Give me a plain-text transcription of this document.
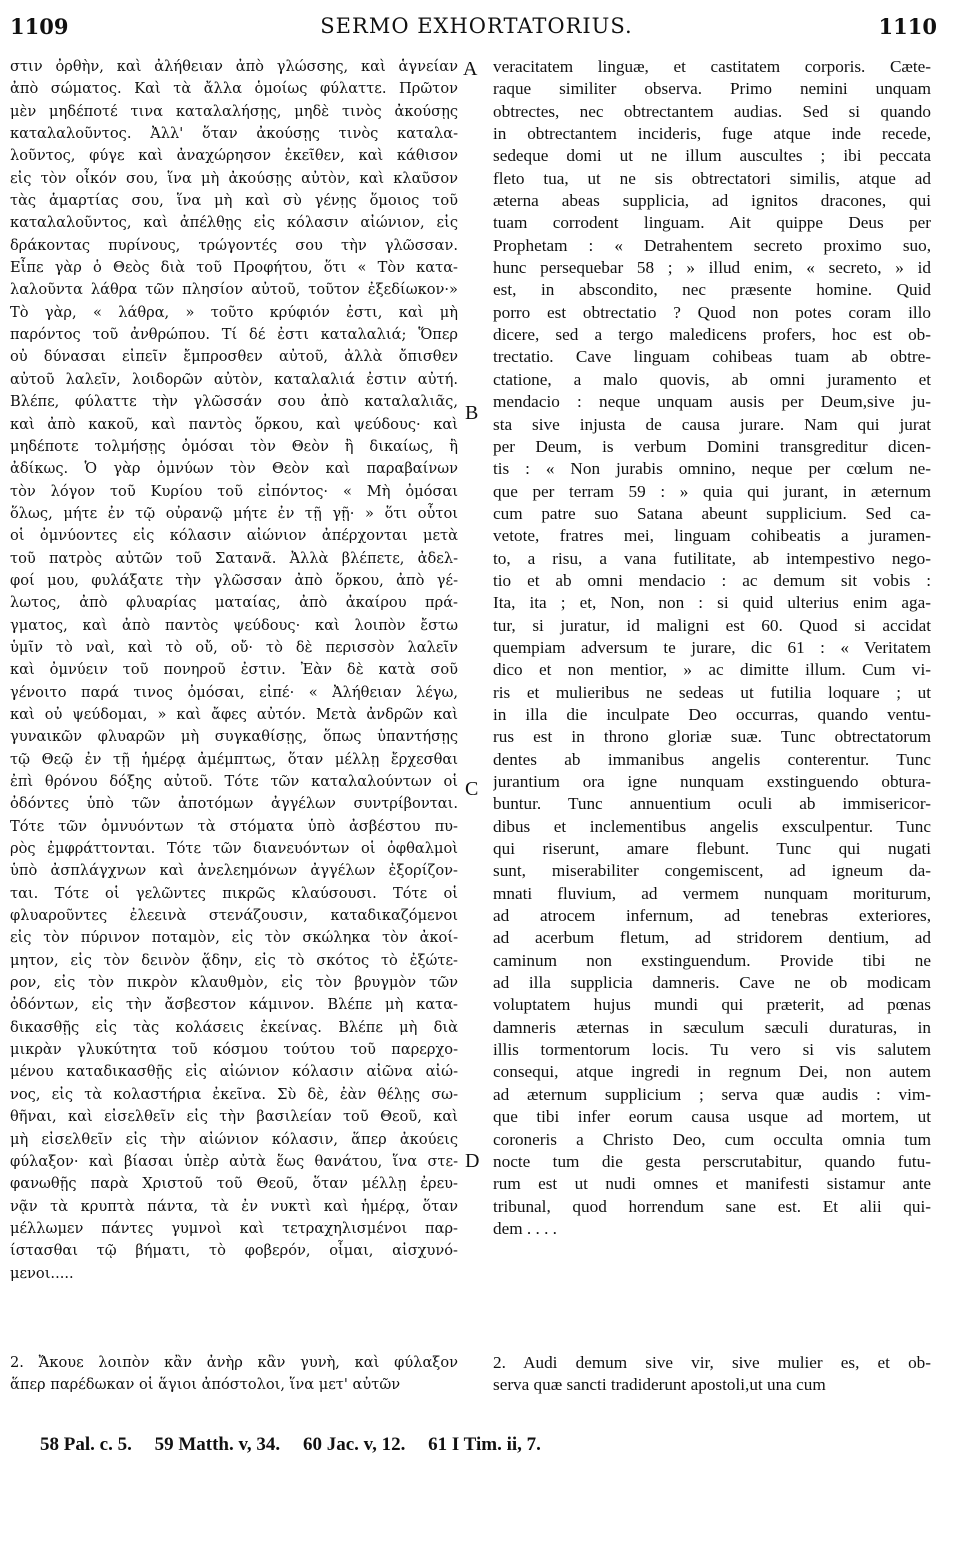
1109	SERMO EXHORTATORIUS.	1110
στιν ὀρθὴν, καὶ ἀλήθειαν ἀπὸ γλώσσης, καὶ ἁγνείαν
ἀπὸ σώματος. Καὶ τὰ ἄλλα ὁμοίως φύλαττε. Πρῶτον
μὲν μηδέποτέ τινα καταλαλήσῃς, μηδὲ τινὸς ἀκούσῃς
καταλαλοῦντος. Ἀλλ' ὅταν ἀκούσῃς τινὸς καταλα-
λοῦντος, φύγε καὶ ἀναχώρησον ἐκεῖθεν, καὶ κάθισον
εἰς τὸν οἶκόν σου, ἵνα μὴ ἀκούσῃς αὐτὸν, καὶ κλαῦσον
τὰς ἁμαρτίας σου, ἵνα μὴ καὶ σὺ γένῃς ὅμοιος τοῦ
καταλαλοῦντος, καὶ ἀπέλθῃς εἰς κόλασιν αἰώνιον, εἰς
δράκοντας πυρίνους, τρώγοντές σου τὴν γλῶσσαν.
Εἶπε γὰρ ὁ Θεὸς διὰ τοῦ Προφήτου, ὅτι « Τὸν κατα-
λαλοῦντα λάθρα τῶν πλησίον αὐτοῦ, τοῦτον ἐξεδίωκον·»
Τὸ γὰρ, « λάθρα, » τοῦτο κρύφιόν ἐστι, καὶ μὴ
παρόντος τοῦ ἀνθρώπου. Τί δέ ἐστι καταλαλιά; Ὅπερ
οὐ δύνασαι εἰπεῖν ἔμπροσθεν αὐτοῦ, ἀλλὰ ὄπισθεν
αὐτοῦ λαλεῖν, λοιδορῶν αὐτὸν, καταλαλιά ἐστιν αὐτή.
Βλέπε, φύλαττε τὴν γλῶσσάν σου ἀπὸ καταλαλιᾶς,
καὶ ἀπὸ κακοῦ, καὶ παντὸς ὅρκου, καὶ ψεύδους· καὶ
μηδέποτε τολμήσῃς ὀμόσαι τὸν Θεὸν ἢ δικαίως, ἢ
ἀδίκως. Ὁ γὰρ ὀμνύων τὸν Θεὸν καὶ παραβαίνων
τὸν λόγον τοῦ Κυρίου τοῦ εἰπόντος· « Μὴ ὀμόσαι
ὅλως, μήτε ἐν τῷ οὐρανῷ μήτε ἐν τῇ γῇ· » ὅτι οὗτοι
οἱ ὀμνύοντες εἰς κόλασιν αἰώνιον ἀπέρχονται μετὰ
τοῦ πατρὸς αὐτῶν τοῦ Σατανᾶ. Ἀλλὰ βλέπετε, ἀδελ-
φοί μου, φυλάξατε τὴν γλῶσσαν ἀπὸ ὅρκου, ἀπὸ γέ-
λωτος, ἀπὸ φλυαρίας ματαίας, ἀπὸ ἀκαίρου πρά-
γματος, καὶ ἀπὸ παντὸς ψεύδους· καὶ λοιπὸν ἔστω
ὑμῖν τὸ ναὶ, καὶ τὸ οὔ, οὔ· τὸ δὲ περισσὸν λαλεῖν
καὶ ὀμνύειν τοῦ πονηροῦ ἐστιν. Ἐὰν δὲ κατὰ σοῦ
γένοιτο παρά τινος ὀμόσαι, εἰπέ· « Ἀλήθειαν λέγω,
καὶ οὐ ψεύδομαι, » καὶ ἄφες αὐτόν. Μετὰ ἀνδρῶν καὶ
γυναικῶν φλυαρῶν μὴ συγκαθίσῃς, ὅπως ὑπαντήσῃς
τῷ Θεῷ ἐν τῇ ἡμέρᾳ ἀμέμπτως, ὅταν μέλλῃ ἔρχεσθαι
ἐπὶ θρόνου δόξης αὐτοῦ. Τότε τῶν καταλαλούντων οἱ
ὀδόντες ὑπὸ τῶν ἀποτόμων ἀγγέλων συντρίβονται.
Τότε τῶν ὀμνυόντων τὰ στόματα ὑπὸ ἀσβέστου πυ-
ρὸς ἐμφράττονται. Τότε τῶν διανευόντων οἱ ὀφθαλμοὶ
ὑπὸ ἀσπλάγχνων καὶ ἀνελεημόνων ἀγγέλων ἐξορίζον-
ται. Τότε οἱ γελῶντες πικρῶς κλαύσουσι. Τότε οἱ
φλυαροῦντες ἐλεεινὰ στενάζουσιν, καταδικαζόμενοι
εἰς τὸν πύρινον ποταμὸν, εἰς τὸν σκώληκα τὸν ἀκοί-
μητον, εἰς τὸν δεινὸν ᾅδην, εἰς τὸ σκότος τὸ ἐξώτε-
ρον, εἰς τὸν πικρὸν κλαυθμὸν, εἰς τὸν βρυγμὸν τῶν
ὀδόντων, εἰς τὴν ἄσβεστον κάμινον. Βλέπε μὴ κατα-
δικασθῇς εἰς τὰς κολάσεις ἐκείνας. Βλέπε μὴ διὰ
μικρὰν γλυκύτητα τοῦ κόσμου τούτου τοῦ παρερχο-
μένου καταδικασθῇς εἰς αἰώνιον κόλασιν αἰῶνα αἰώ-
νος, εἰς τὰ κολαστήρια ἐκεῖνα. Σὺ δὲ, ἐὰν θέλῃς σω-
θῆναι, καὶ εἰσελθεῖν εἰς τὴν βασιλείαν τοῦ Θεοῦ, καὶ
μὴ εἰσελθεῖν εἰς τὴν αἰώνιον κόλασιν, ἅπερ ἀκούεις
φύλαξον· καὶ βίασαι ὑπὲρ αὐτὰ ἕως θανάτου, ἵνα στε-
φανωθῇς παρὰ Χριστοῦ τοῦ Θεοῦ, ὅταν μέλλῃ ἐρευ-
νᾷν τὰ κρυπτὰ πάντα, τὰ ἐν νυκτὶ καὶ ἡμέρᾳ, ὅταν
μέλλωμεν πάντες γυμνοὶ καὶ τετραχηλισμένοι παρ-
ίστασθαι τῷ βήματι, τὸ φοβερόν, οἶμαι, αἰσχυνό-
μενοι.....
veracitatem linguæ, et castitatem corporis. Cæte-
raque similiter observa. Primo nemini unquam
obtrectes, nec obtrectantem audias. Sed si quando
in obtrectantem incideris, fuge atque inde recede,
sedeque domi ut ne illum auscultes ; ibi peccata
fleto tua, ut ne sis obtrectatori similis, atque ad
æterna abeas supplicia, ad ignitos dracones, qui
tuam corrodent linguam. Ait quippe Deus per
Prophetam : « Detrahentem secreto proximo suo,
hunc persequebar 58 ; » illud enim, « secreto, » id
est, in abscondito, nec præsente homine. Quid
porro est obtrectatio ? Quod non potes coram illo
dicere, sed a tergo maledicens profers, hoc est ob-
trectatio. Cave linguam cohibeas tuam ab obtre-
ctatione, a malo quovis, ab omni juramento et
mendacio : neque unquam ausis per Deum,sive ju-
sta sive injusta de causa jurare. Nam qui jurat
per Deum, is verbum Domini transgreditur dicen-
tis : « Non jurabis omnino, neque per cœlum ne-
que per terram 59 : » quia qui jurant, in æternum
cum patre suo Satana abeunt supplicium. Sed ca-
vetote, fratres mei, linguam cohibeatis a juramen-
to, a risu, a vana futilitate, ab intempestivo nego-
tio et ab omni mendacio : ac demum sit vobis :
Ita, ita ; et, Non, non : si quid ulterius enim aga-
tur, si juratur, id maligni est 60. Quod si accidat
quempiam adversum te jurare, dic 61 : « Veritatem
dico et non mentior, » ac dimitte illum. Cum vi-
ris et mulieribus ne sedeas ut futilia loquare ; ut
in illa die inculpate Deo occurras, quando ventu-
rus est in throno gloriæ suæ. Tunc obtrectatorum
dentes ab immanibus angelis conterentur. Tunc
jurantium ora igne nunquam exstinguendo obtura-
buntur. Tunc annuentium oculi ab immisericor-
dibus et inclementibus angelis exsculpentur. Tunc
qui riserunt, amare flebunt. Tunc qui nugati
sunt, miserabiliter congemiscent, ad igneum da-
mnati fluvium, ad vermem nunquam moriturum,
ad atrocem infernum, ad tenebras exteriores,
ad acerbum fletum, ad stridorem dentium, ad
caminum non exstinguendum. Provide tibi ne
ad illa supplicia damneris. Cave ne ob modicam
voluptatem hujus mundi qui præterit, ad pœnas
damneris æternas in sæculum sæculi duraturas, in
illis tormentorum locis. Tu vero si vis salutem
consequi, atque ingredi in regnum Dei, non autem
ad æternum supplicium ; serva quæ audis : vim-
que tibi infer eorum causa usque ad mortem, ut
coroneris a Christo Deo, cum occulta omnia tum
nocte tum die gesta perscrutabitur, quando futu-
rum est ut nudi omnes et manifesti sistamur ante
tribunal, quod horrendum sane est. Et alii qui-
dem . . . .
A
B
C
D
2. Ἄκουε λοιπὸν κἂν ἀνὴρ κἂν γυνὴ, καὶ φύλαξον
ἅπερ παρέδωκαν οἱ ἅγιοι ἀπόστολοι, ἵνα μετ' αὐτῶν
2. Audi demum sive vir, sive mulier es, et ob-
serva quæ sancti tradiderunt apostoli,ut una cum
58 Pal. c. 5. 59 Matth. v, 34. 60 Jac. v, 12. 61 I Tim. ii, 7.
